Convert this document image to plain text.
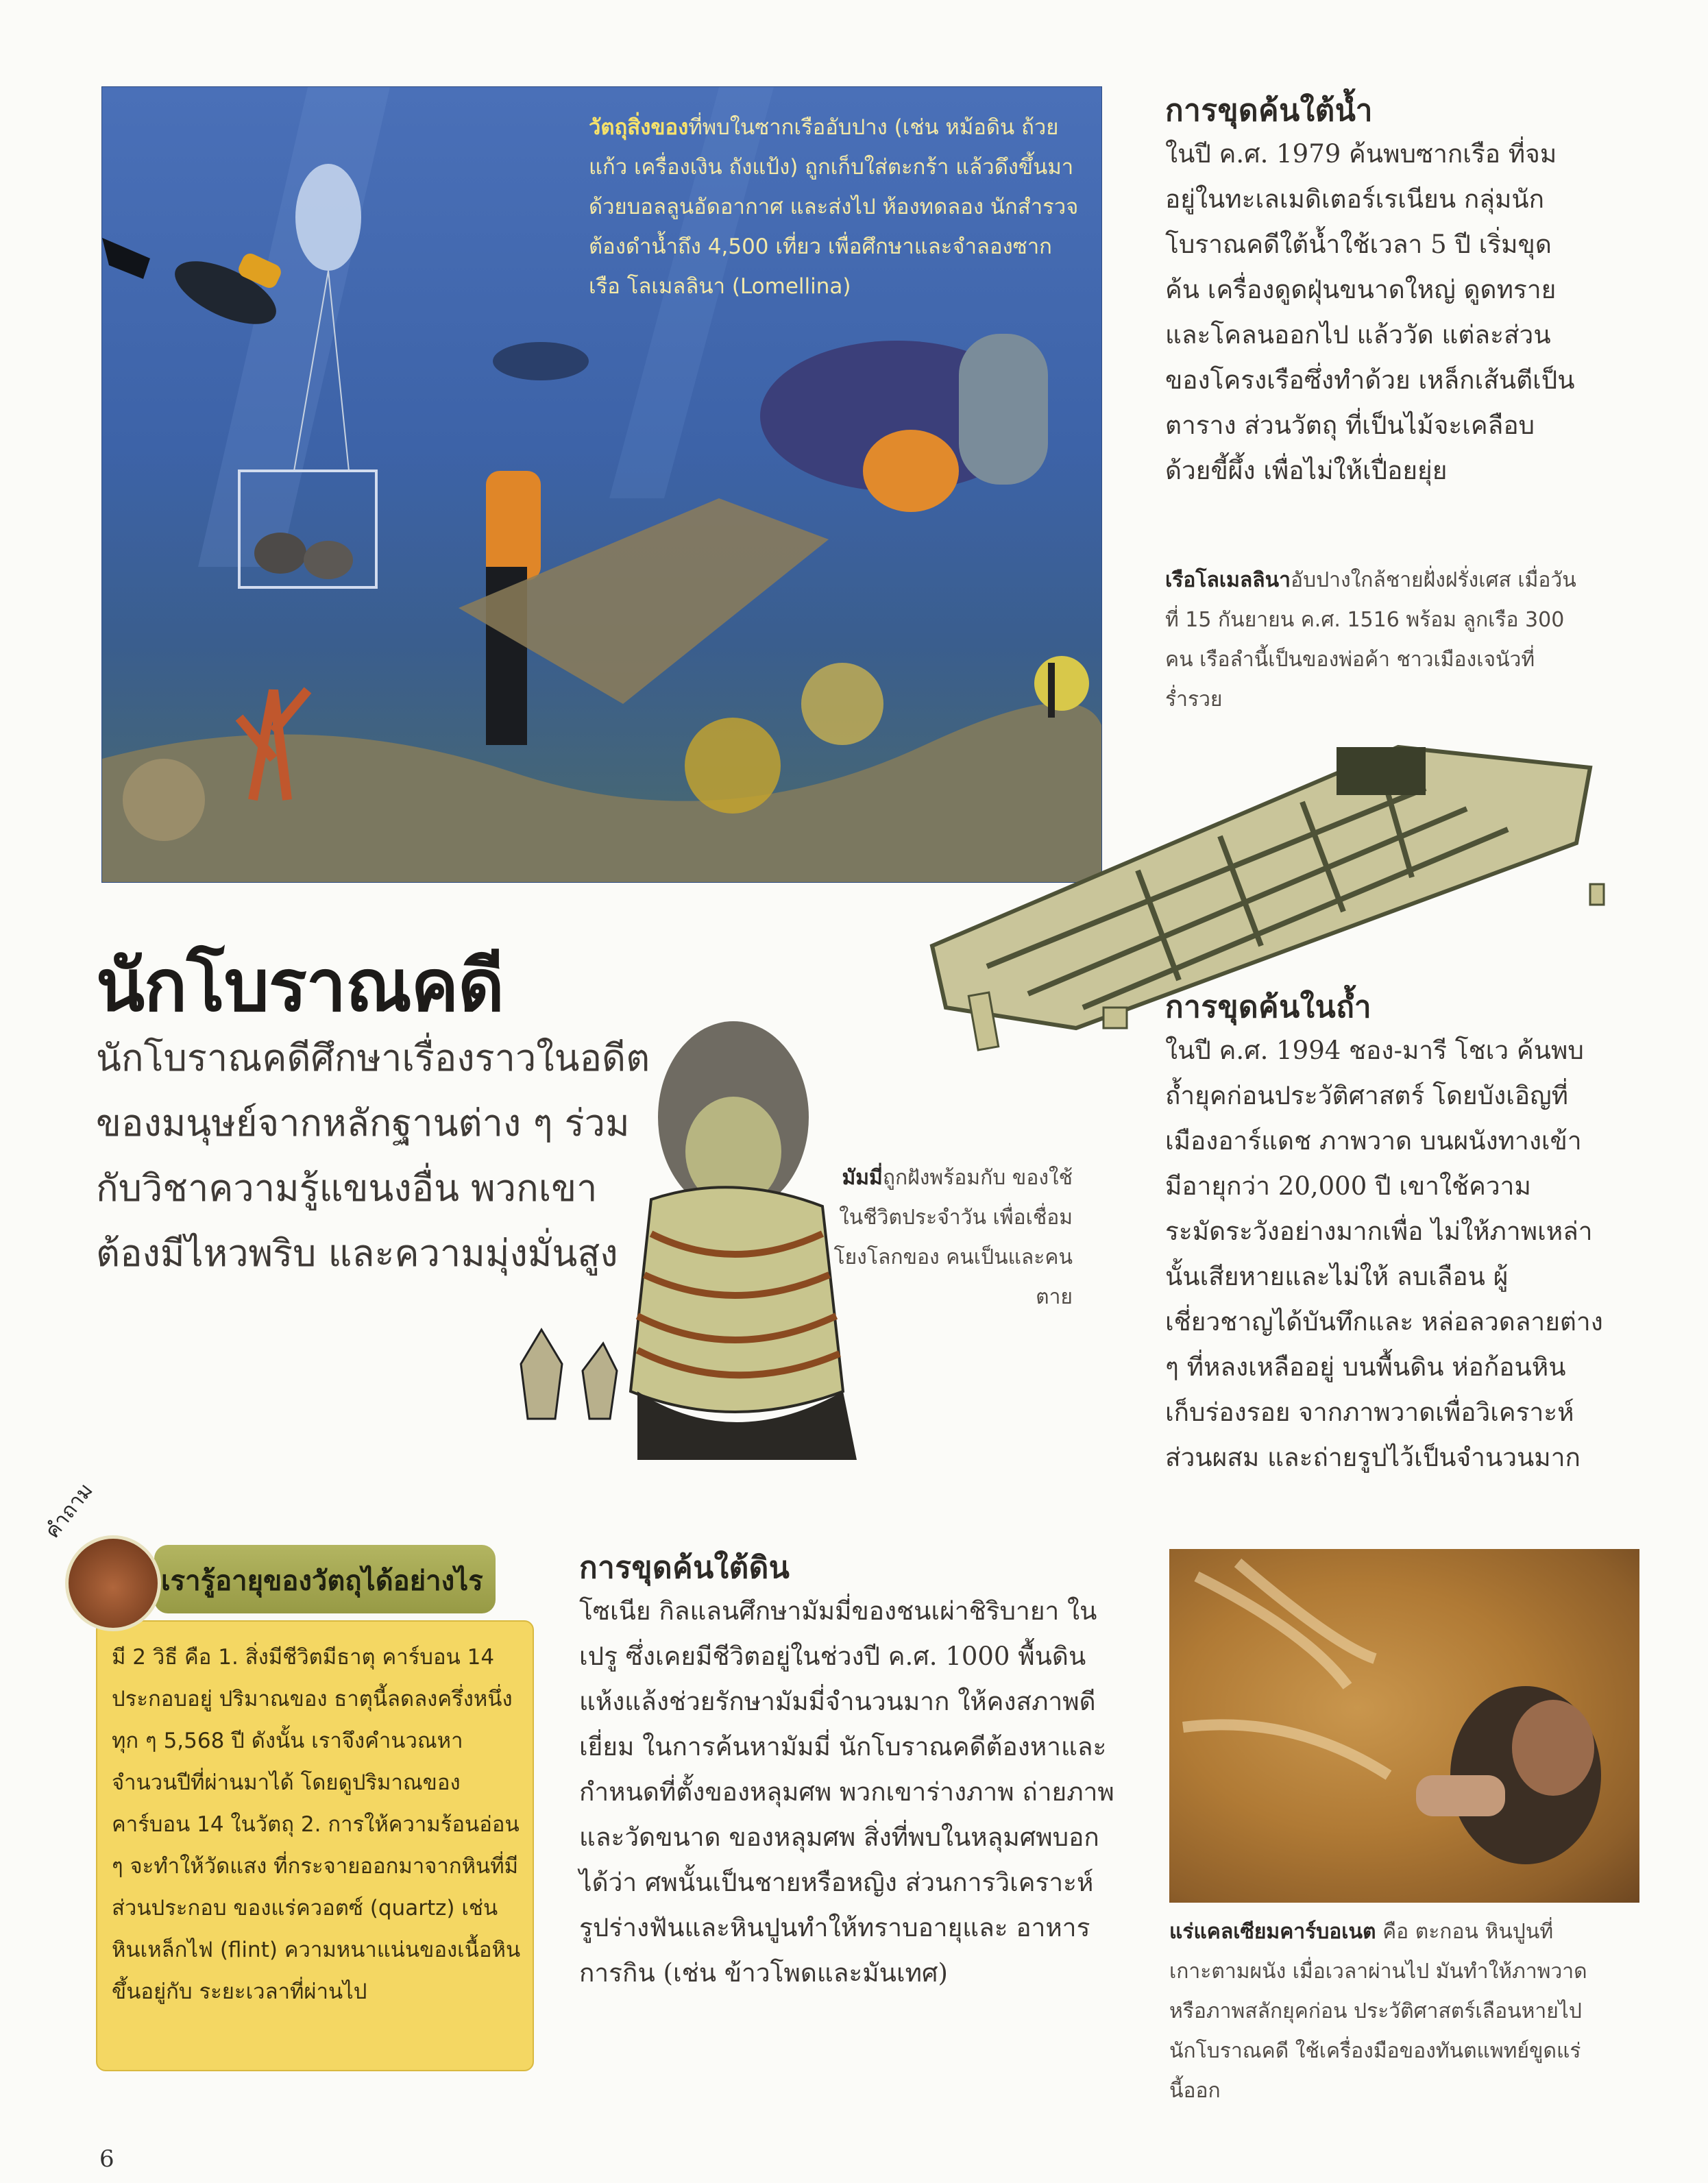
วัตถุสิ่งของที่พบในซากเรืออับปาง (เช่น หม้อดิน ถ้วยแก้ว เครื่องเงิน ถังแป้ง) ถูกเก็บใส่ตะกร้า แล้วดึงขึ้นมาด้วยบอลลูนอัดอากาศ และส่งไป ห้องทดลอง นักสำรวจต้องดำน้ำถึง 4,500 เที่ยว เพื่อศึกษาและจำลองซากเรือ โลเมลลินา (Lomellina)

การขุดค้นใต้น้ำ

ในปี ค.ศ. 1979 ค้นพบซากเรือ ที่จมอยู่ในทะเลเมดิเตอร์เรเนียน กลุ่มนักโบราณคดีใต้น้ำใช้เวลา 5 ปี เริ่มขุดค้น เครื่องดูดฝุ่นขนาดใหญ่ ดูดทรายและโคลนออกไป แล้ววัด แต่ละส่วนของโครงเรือซึ่งทำด้วย เหล็กเส้นตีเป็นตาราง ส่วนวัตถุ ที่เป็นไม้จะเคลือบด้วยขี้ผึ้ง เพื่อไม่ให้เปื่อยยุ่ย

เรือโลเมลลินาอับปางใกล้ชายฝั่งฝรั่งเศส เมื่อวันที่ 15 กันยายน ค.ศ. 1516 พร้อม ลูกเรือ 300 คน เรือลำนี้เป็นของพ่อค้า ชาวเมืองเจนัวที่ร่ำรวย

นักโบราณคดี

นักโบราณคดีศึกษาเรื่องราวในอดีต ของมนุษย์จากหลักฐานต่าง ๆ ร่วมกับวิชาความรู้แขนงอื่น พวกเขาต้องมีไหวพริบ และความมุ่งมั่นสูง

มัมมี่ถูกฝังพร้อมกับ ของใช้ในชีวิตประจำวัน เพื่อเชื่อมโยงโลกของ คนเป็นและคนตาย

การขุดค้นในถ้ำ

ในปี ค.ศ. 1994 ชอง-มารี โชเว ค้นพบถ้ำยุคก่อนประวัติศาสตร์ โดยบังเอิญที่เมืองอาร์แดช ภาพวาด บนผนังทางเข้ามีอายุกว่า 20,000 ปี เขาใช้ความระมัดระวังอย่างมากเพื่อ ไม่ให้ภาพเหล่านั้นเสียหายและไม่ให้ ลบเลือน ผู้เชี่ยวชาญได้บันทึกและ หล่อลวดลายต่าง ๆ ที่หลงเหลืออยู่ บนพื้นดิน ห่อก้อนหิน เก็บร่องรอย จากภาพวาดเพื่อวิเคราะห์ส่วนผสม และถ่ายรูปไว้เป็นจำนวนมาก

แร่แคลเซียมคาร์บอเนต คือ ตะกอน หินปูนที่เกาะตามผนัง เมื่อเวลาผ่านไป มันทำให้ภาพวาดหรือภาพสลักยุคก่อน ประวัติศาสตร์เลือนหายไป นักโบราณคดี ใช้เครื่องมือของทันตแพทย์ขูดแร่นี้ออก

การขุดค้นใต้ดิน

โซเนีย กิลแลนศึกษามัมมี่ของชนเผ่าชิริบายา ในเปรู ซึ่งเคยมีชีวิตอยู่ในช่วงปี ค.ศ. 1000 พื้นดินแห้งแล้งช่วยรักษามัมมี่จำนวนมาก ให้คงสภาพดีเยี่ยม ในการค้นหามัมมี่ นักโบราณคดีต้องหาและกำหนดที่ตั้งของหลุมศพ พวกเขาร่างภาพ ถ่ายภาพ และวัดขนาด ของหลุมศพ สิ่งที่พบในหลุมศพบอกได้ว่า ศพนั้นเป็นชายหรือหญิง ส่วนการวิเคราะห์ รูปร่างฟันและหินปูนทำให้ทราบอายุและ อาหารการกิน (เช่น ข้าวโพดและมันเทศ)

คำถาม

เรารู้อายุของวัตถุได้อย่างไร

มี 2 วิธี คือ 1. สิ่งมีชีวิตมีธาตุ คาร์บอน 14 ประกอบอยู่ ปริมาณของ ธาตุนี้ลดลงครึ่งหนึ่งทุก ๆ 5,568 ปี ดังนั้น เราจึงคำนวณหาจำนวนปีที่ผ่านมาได้ โดยดูปริมาณของคาร์บอน 14 ในวัตถุ 2. การให้ความร้อนอ่อน ๆ จะทำให้วัดแสง ที่กระจายออกมาจากหินที่มีส่วนประกอบ ของแร่ควอตซ์ (quartz) เช่น หินเหล็กไฟ (flint) ความหนาแน่นของเนื้อหินขึ้นอยู่กับ ระยะเวลาที่ผ่านไป

6
